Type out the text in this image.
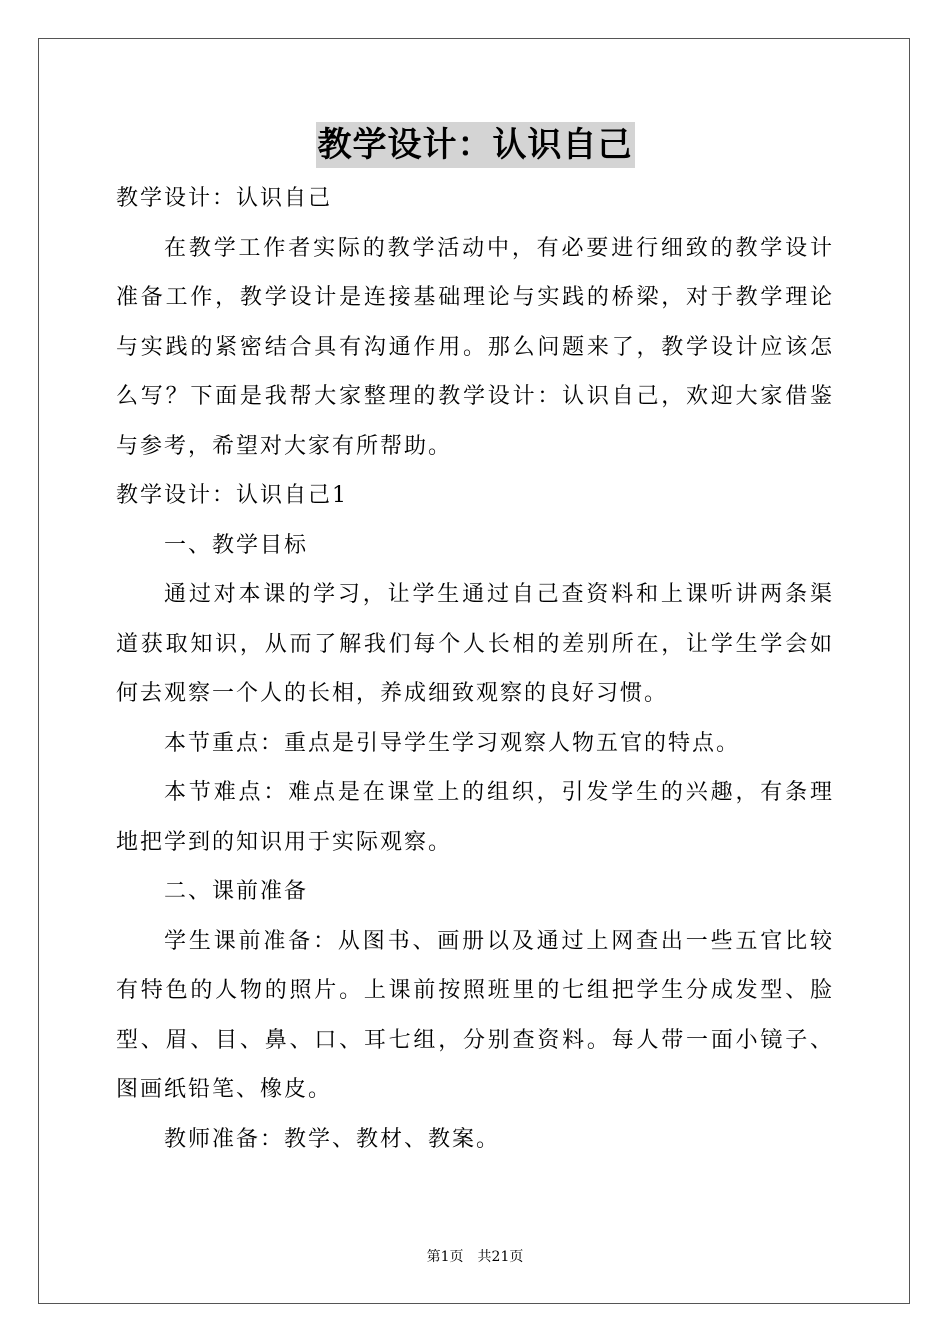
教学设计：认识自己

教学设计：认识自己

在教学工作者实际的教学活动中，有必要进行细致的教学设计准备工作，教学设计是连接基础理论与实践的桥梁，对于教学理论与实践的紧密结合具有沟通作用。那么问题来了，教学设计应该怎么写？下面是我帮大家整理的教学设计：认识自己，欢迎大家借鉴与参考，希望对大家有所帮助。

教学设计：认识自己1

一、教学目标

通过对本课的学习，让学生通过自己查资料和上课听讲两条渠道获取知识，从而了解我们每个人长相的差别所在，让学生学会如何去观察一个人的长相，养成细致观察的良好习惯。

本节重点：重点是引导学生学习观察人物五官的特点。

本节难点：难点是在课堂上的组织，引发学生的兴趣，有条理地把学到的知识用于实际观察。

二、课前准备

学生课前准备：从图书、画册以及通过上网查出一些五官比较有特色的人物的照片。上课前按照班里的七组把学生分成发型、脸型、眉、目、鼻、口、耳七组，分别查资料。每人带一面小镜子、图画纸铅笔、橡皮。

教师准备：教学、教材、教案。

第1页 共21页
